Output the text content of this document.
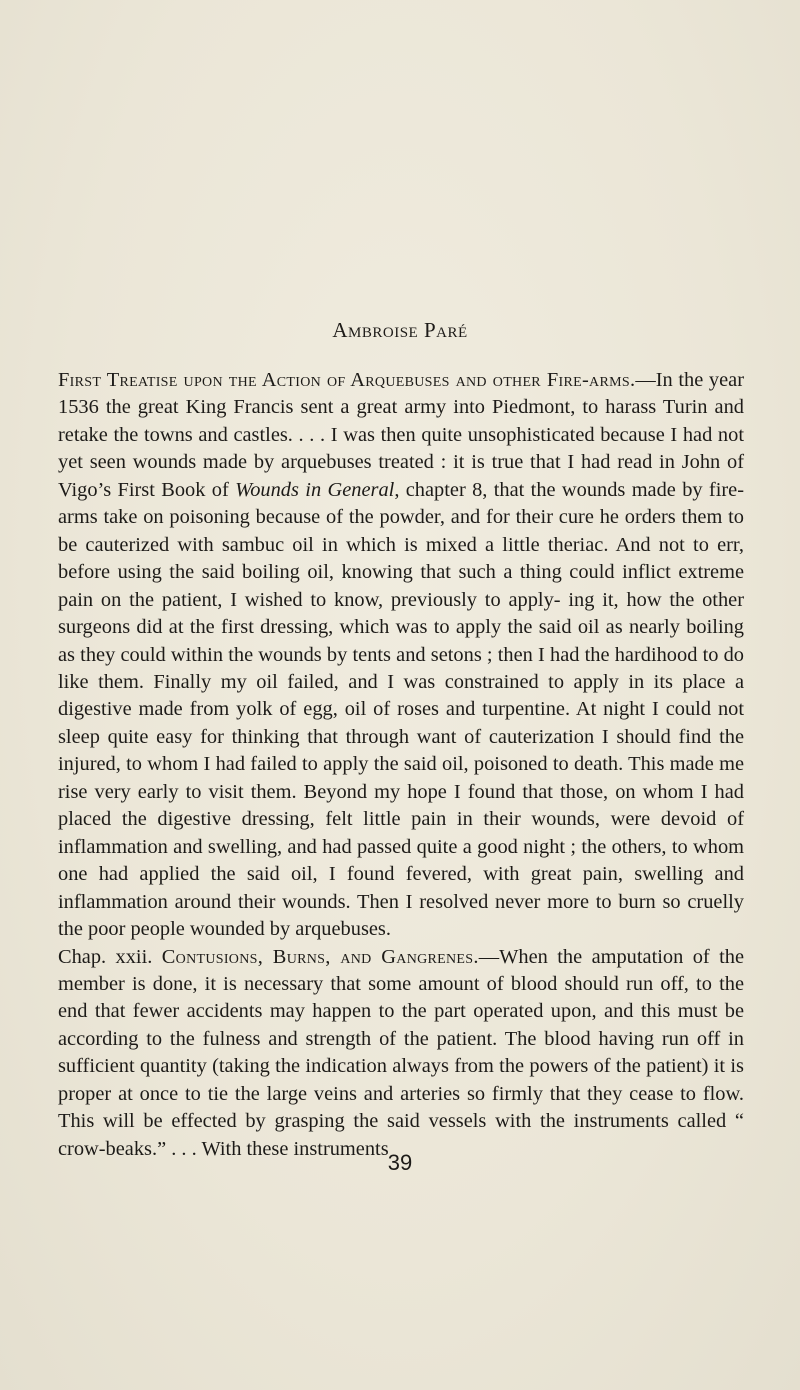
Ambroise Paré

First Treatise upon the Action of Arquebuses and other Fire-arms.—In the year 1536 the great King Francis sent a great army into Piedmont, to harass Turin and retake the towns and castles. . . . I was then quite unsophisticated because I had not yet seen wounds made by arquebuses treated : it is true that I had read in John of Vigo’s First Book of Wounds in General, chapter 8, that the wounds made by fire-arms take on poisoning because of the powder, and for their cure he orders them to be cauterized with sambuc oil in which is mixed a little theriac. And not to err, before using the said boiling oil, knowing that such a thing could inflict extreme pain on the patient, I wished to know, previously to apply- ing it, how the other surgeons did at the first dressing, which was to apply the said oil as nearly boiling as they could within the wounds by tents and setons ; then I had the hardihood to do like them. Finally my oil failed, and I was constrained to apply in its place a digestive made from yolk of egg, oil of roses and turpentine. At night I could not sleep quite easy for thinking that through want of cauterization I should find the injured, to whom I had failed to apply the said oil, poisoned to death. This made me rise very early to visit them. Beyond my hope I found that those, on whom I had placed the digestive dressing, felt little pain in their wounds, were devoid of inflammation and swelling, and had passed quite a good night ; the others, to whom one had applied the said oil, I found fevered, with great pain, swelling and inflammation around their wounds. Then I resolved never more to burn so cruelly the poor people wounded by arquebuses.

Chap. xxii. Contusions, Burns, and Gangrenes.—When the amputation of the member is done, it is necessary that some amount of blood should run off, to the end that fewer accidents may happen to the part operated upon, and this must be according to the fulness and strength of the patient. The blood having run off in sufficient quantity (taking the indication always from the powers of the patient) it is proper at once to tie the large veins and arteries so firmly that they cease to flow. This will be effected by grasping the said vessels with the instruments called “ crow-beaks.” . . . With these instruments

39
